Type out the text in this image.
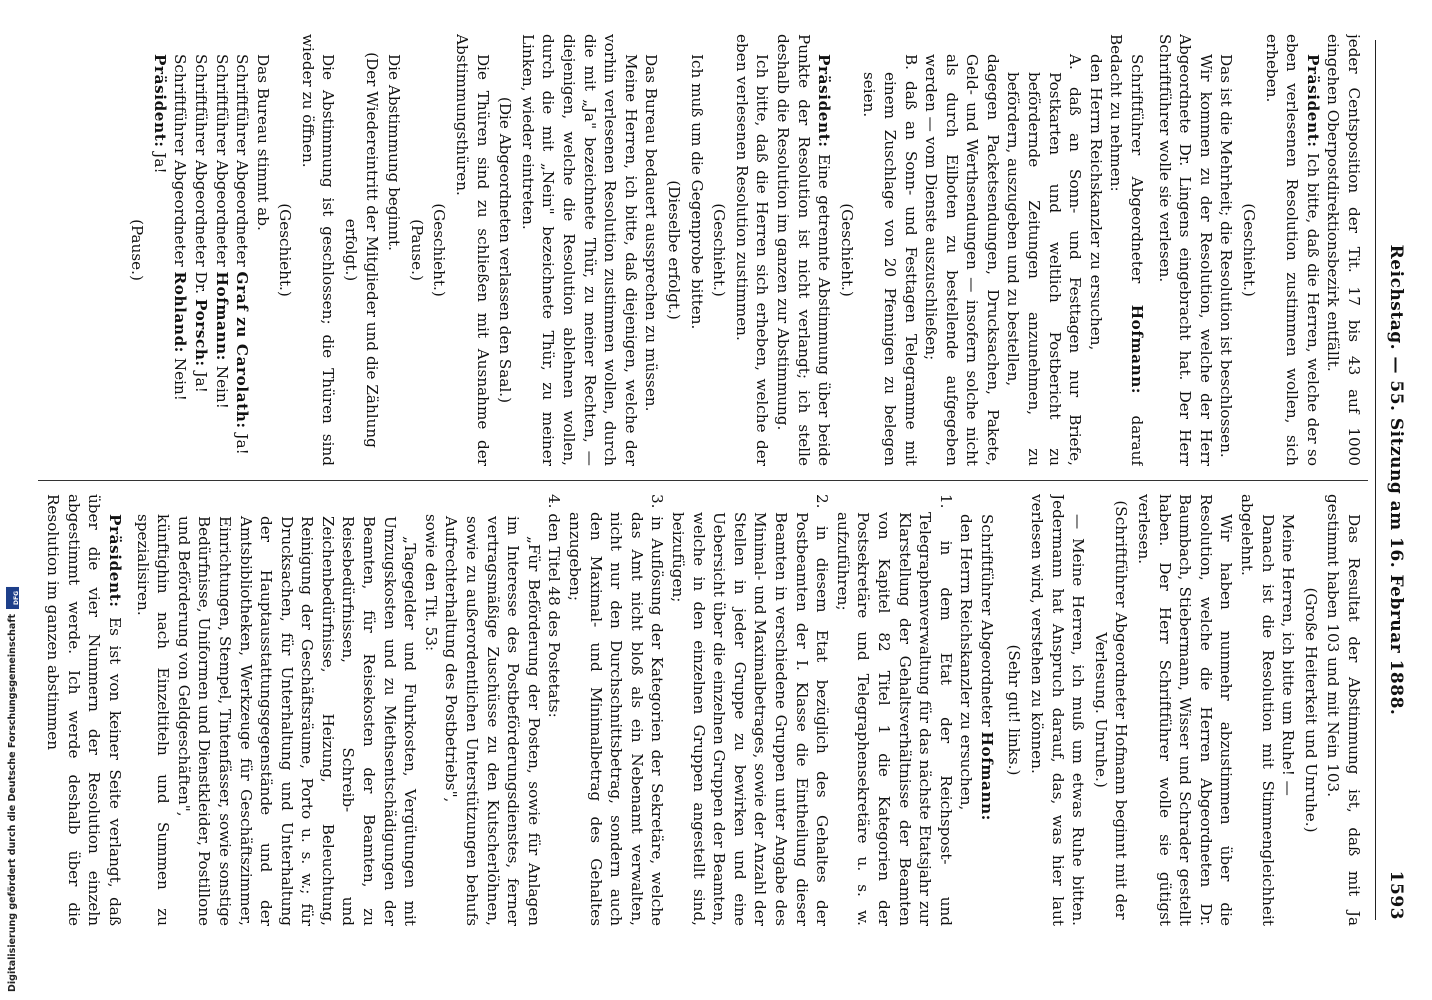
Reichstag. — 55. Sitzung am 16. Februar 1888.
1593

jeder Centsposition der Tit. 17 bis 43 auf 1000 eingehen Oberpostdirektionsbezirk entfällt.

Präsident: Ich bitte, daß die Herren, welche der so eben verlesenen Resolution zustimmen wollen, sich erheben.

(Geschieht.)

Das ist die Mehrheit; die Resolution ist beschlossen.

Wir kommen zu der Resolution, welche der Herr Abgeordnete Dr. Lingens eingebracht hat. Der Herr Schriftführer wolle sie verlesen.

Schriftführer Abgeordneter Hofmann: darauf Bedacht zu nehmen:

den Herrn Reichskanzler zu ersuchen,

A. daß an Sonn- und Festtagen nur Briefe, Postkarten und weltlich Postbericht zu befördernde Zeitungen anzunehmen, zu befördern, auszugeben und zu bestellen,

dagegen Packetsendungen, Drucksachen, Pakete, Geld- und Werthsendungen — insofern solche nicht als durch Eilboten zu bestellende aufgegeben werden — vom Dienste auszuschließen;

B. daß an Sonn- und Festtagen Telegramme mit einem Zuschlage von 20 Pfennigen zu belegen seien.

(Geschieht.)

Präsident: Eine getrennte Abstimmung über beide Punkte der Resolution ist nicht verlangt; ich stelle deshalb die Resolution im ganzen zur Abstimmung.

Ich bitte, daß die Herren sich erheben, welche der eben verlesenen Resolution zustimmen.

(Geschieht.)

Ich muß um die Gegenprobe bitten.

(Dieselbe erfolgt.)

Das Bureau bedauert aussprechen zu müssen.

Meine Herren, ich bitte, daß diejenigen, welche der vorhin verlesenen Resolution zustimmen wollen, durch die mit „Ja" bezeichnete Thür, zu meiner Rechten, — diejenigen, welche die Resolution ablehnen wollen, durch die mit „Nein" bezeichnete Thür, zu meiner Linken, wieder eintreten.

(Die Abgeordneten verlassen den Saal.)

Die Thüren sind zu schließen mit Ausnahme der Abstimmungsthüren.

(Geschieht.)

(Pause.)

Die Abstimmung beginnt.

(Der Wiedereintritt der Mitglieder und die Zählung erfolgt.)

Die Abstimmung ist geschlossen; die Thüren sind wieder zu öffnen.

(Geschieht.)

Das Bureau stimmt ab.

Schriftführer Abgeordneter Graf zu Carolath: Ja!

Schriftführer Abgeordneter Hofmann: Nein!

Schriftführer Abgeordneter Dr. Porsch: Ja!

Schriftführer Abgeordneter Rohland: Nein!

Präsident: Ja!

(Pause.)

Das Resultat der Abstimmung ist, daß mit Ja gestimmt haben 103 und mit Nein 103.

(Große Heiterkeit und Unruhe.)

Meine Herren, ich bitte um Ruhe! —

Danach ist die Resolution mit Stimmengleichheit abgelehnt.

Wir haben nunmehr abzustimmen über die Resolution, welche die Herren Abgeordneten Dr. Baumbach, Stiebermann, Wisser und Schrader gestellt haben. Der Herr Schriftführer wolle sie gütigst verlesen.

(Schriftführer Abgeordneter Hofmann beginnt mit der Verlesung. Unruhe.)

— Meine Herren, ich muß um etwas Ruhe bitten. Jedermann hat Anspruch darauf, das, was hier laut verlesen wird, verstehen zu können.

(Sehr gut! links.)

Schriftführer Abgeordneter Hofmann:

den Herrn Reichskanzler zu ersuchen,

1. in dem Etat der Reichspost- und Telegraphenverwaltung für das nächste Etatsjahr zur Klarstellung der Gehaltsverhältnisse der Beamten von Kapitel 82 Titel 1 die Kategorien der Postsekretäre und Telegraphensekretäre u. s. w. aufzuführen;

2. in diesem Etat bezüglich des Gehaltes der Postbeamten der I. Klasse die Eintheilung dieser Beamten in verschiedene Gruppen unter Angabe des Minimal- und Maximalbetrages, sowie der Anzahl der Stellen in jeder Gruppe zu bewirken und eine Uebersicht über die einzelnen Gruppen der Beamten, welche in den einzelnen Gruppen angestellt sind, beizufügen;

3. in Auflösung der Kategorien der Sekretäre, welche das Amt nicht bloß als ein Nebenamt verwalten, nicht nur den Durchschnittsbetrag, sondern auch den Maximal- und Minimalbetrag des Gehaltes anzugeben;

4. den Titel 48 des Postetats:

„Für Beförderung der Posten, sowie für Anlagen im Interesse des Postbeförderungsdienstes, ferner vertragsmäßige Zuschüsse zu den Kutscherlöhnen, sowie zu außerordentlichen Unterstützungen behufs Aufrechterhaltung des Postbetriebs",

sowie den Tit. 53:

„Tagegelder und Fuhrkosten, Vergütungen mit Umzugskosten und zu Miethsentschädigungen der Beamten, für Reisekosten der Beamten, zu Reisebedürfnissen, Schreib- und Zeichenbedürfnisse, Heizung, Beleuchtung, Reinigung der Geschäftsräume, Porto u. s. w.; für Drucksachen, für Unterhaltung und Unterhaltung der Hauptausstattungsgegenstände und der Amtsbibliotheken, Werkzeuge für Geschäftszimmer, Einrichtungen, Stempel, Tintenfässer, sowie sonstige Bedürfnisse, Uniformen und Dienstkleider, Postillone und Beförderung von Geldgeschäften",

künftighin nach Einzeltiteln und Summen zu spezialisiren.

Präsident: Es ist von keiner Seite verlangt, daß über die vier Nummern der Resolution einzeln abgestimmt werde. Ich werde deshalb über die Resolution im ganzen abstimmen

Digitalisierung gefördert durch die Deutsche Forschungsgemeinschaft
DFG
